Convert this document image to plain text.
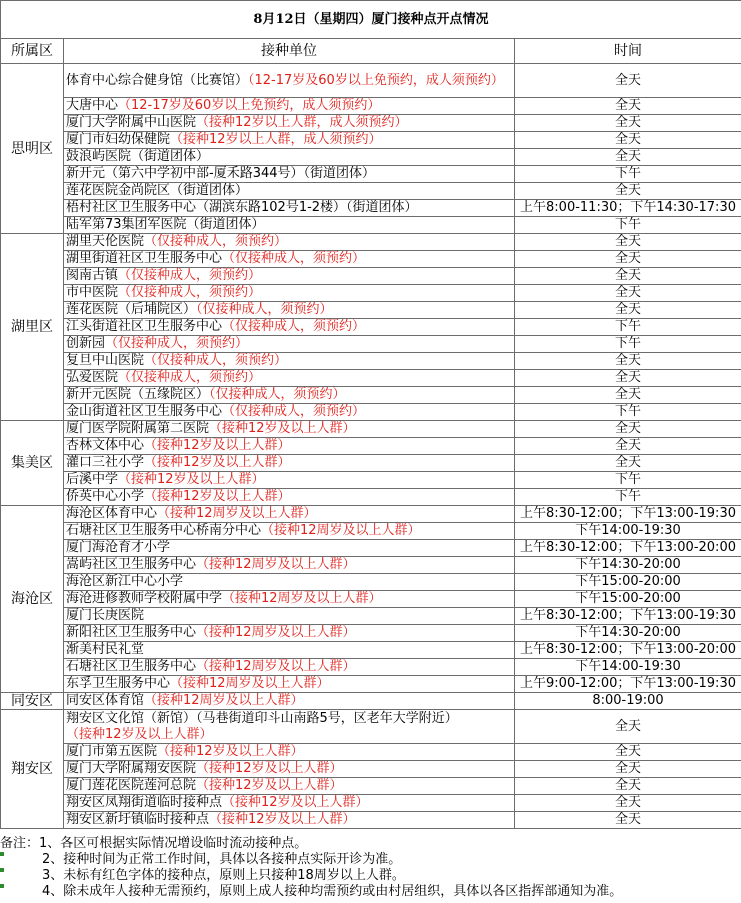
8月12日（星期四）厦门接种点开点情况		
所属区	接种单位	时间
思明区	体育中心综合健身馆（比赛馆）（12-17岁及60岁以上免预约，成人须预约）	全天
	大唐中心（12-17岁及60岁以上免预约，成人须预约）	全天
	厦门大学附属中山医院（接种12岁以上人群，成人须预约）	全天
	厦门市妇幼保健院（接种12岁以上人群，成人须预约）	全天
	鼓浪屿医院（街道团体）	全天
	新开元（第六中学初中部-厦禾路344号）（街道团体）	下午
	莲花医院金尚院区（街道团体）	全天
	梧村社区卫生服务中心（湖滨东路102号1-2楼）（街道团体）	上午8:00-11:30；下午14:30-17:30
	陆军第73集团军医院（街道团体）	下午
湖里区	湖里天伦医院（仅接种成人，须预约）	全天
	湖里街道社区卫生服务中心（仅接种成人，须预约）	全天
	阂南古镇（仅接种成人，须预约）	全天
	市中医院（仅接种成人，须预约）	全天
	莲花医院（后埔院区）（仅接种成人，须预约）	全天
	江头街道社区卫生服务中心（仅接种成人，须预约）	下午
	创新园（仅接种成人，须预约）	下午
	复旦中山医院（仅接种成人，须预约）	全天
	弘爱医院（仅接种成人，须预约）	全天
	新开元医院（五缘院区）（仅接种成人，须预约）	全天
	金山街道社区卫生服务中心（仅接种成人，须预约）	下午
集美区	厦门医学院附属第二医院（接种12岁及以上人群）	全天
	杏林文体中心（接种12岁及以上人群）	全天
	灌口三社小学（接种12岁及以上人群）	全天
	后溪中学（接种12岁及以上人群）	下午
	侨英中心小学（接种12岁及以上人群）	下午
海沧区	海沧区体育中心（接种12周岁及以上人群）	上午8:30-12:00；下午13:00-19:30
	石塘社区卫生服务中心桥南分中心（接种12周岁及以上人群）	下午14:00-19:30
	厦门海沧育才小学	上午8:30-12:00；下午13:00-20:00
	嵩屿社区卫生服务中心（接种12周岁及以上人群）	下午14:30-20:00
	海沧区新江中心小学	下午15:00-20:00
	海沧进修教师学校附属中学（接种12周岁及以上人群）	下午15:00-20:00
	厦门长庚医院	上午8:30-12:00；下午13:00-19:30
	新阳社区卫生服务中心（接种12周岁及以上人群）	下午14:30-20:00
	渐美村民礼堂	上午8:30-12:00；下午13:00-20:00
	石塘社区卫生服务中心（接种12周岁及以上人群）	下午14:00-19:30
	东孚卫生服务中心（接种12周岁及以上人群）	上午9:00-12:00；下午13:00-19:30
同安区	同安区体育馆（接种12周岁及以上人群）	8:00-19:00
翔安区	翔安区文化馆（新馆）（马巷街道印斗山南路5号，区老年大学附近）
（接种12岁及以上人群）	全天
	厦门市第五医院（接种12岁及以上人群）	全天
	厦门大学附属翔安医院（接种12岁及以上人群）	全天
	厦门莲花医院莲河总院（接种12岁及以上人群）	全天
	翔安区凤翔街道临时接种点（接种12岁及以上人群）	全天
	翔安区新圩镇临时接种点（接种12岁及以上人群）	全天
备注：1、各区可根据实际情况增设临时流动接种点。
2、接种时间为正常工作时间，具体以各接种点实际开诊为准。
3、未标有红色字体的接种点，原则上只接种18周岁以上人群。
4、除未成年人接种无需预约，原则上成人接种均需预约或由村居组织，具体以各区指挥部通知为准。
